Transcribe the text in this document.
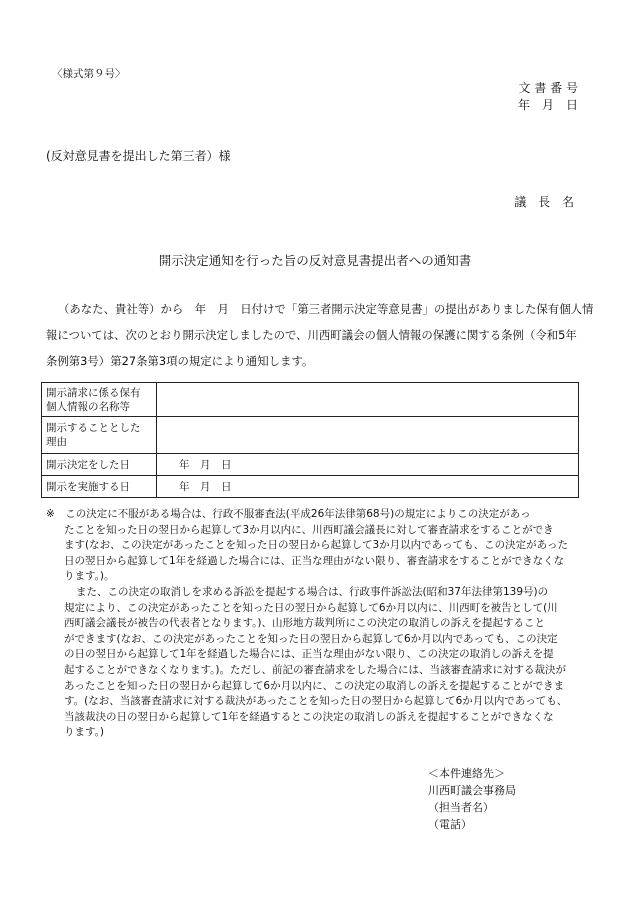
〈様式第９号〉
文 書 番 号
年　月　日
(反対意見書を提出した第三者）様
議 長 名
開示決定通知を行った旨の反対意見書提出者への通知書

（あなた、貴社等）から　年　月　日付けで「第三者開示決定等意見書」の提出がありました保有個人情

報については、次のとおり開示決定しましたので、川西町議会の個人情報の保護に関する条例（令和5年

条例第3号）第27条第3項の規定により通知します。

開示請求に係る保有
個人情報の名称等	

開示することとした
理由	

開示決定をした日	年　月　日

開示を実施する日	年　月　日
※　この決定に不服がある場合は、行政不服審査法(平成26年法律第68号)の規定によりこの決定があっ
たことを知った日の翌日から起算して3か月以内に、川西町議会議長に対して審査請求をすることができ
ます(なお、この決定があったことを知った日の翌日から起算して3か月以内であっても、この決定があった
日の翌日から起算して1年を経過した場合には、正当な理由がない限り、審査請求をすることができなくな
ります。)。
また、この決定の取消しを求める訴訟を提起する場合は、行政事件訴訟法(昭和37年法律第139号)の
規定により、この決定があったことを知った日の翌日から起算して6か月以内に、川西町を被告として(川
西町議会議長が被告の代表者となります。)、山形地方裁判所にこの決定の取消しの訴えを提起すること
ができます(なお、この決定があったことを知った日の翌日から起算して6か月以内であっても、この決定
の日の翌日から起算して1年を経過した場合には、正当な理由がない限り、この決定の取消しの訴えを提
起することができなくなります。)。ただし、前記の審査請求をした場合には、当該審査請求に対する裁決が
あったことを知った日の翌日から起算して6か月以内に、この決定の取消しの訴えを提起することができま
す。(なお、当該審査請求に対する裁決があったことを知った日の翌日から起算して6か月以内であっても、
当該裁決の日の翌日から起算して1年を経過するとこの決定の取消しの訴えを提起することができなくな
ります。)
＜本件連絡先＞
川西町議会事務局
（担当者名）
（電話）
